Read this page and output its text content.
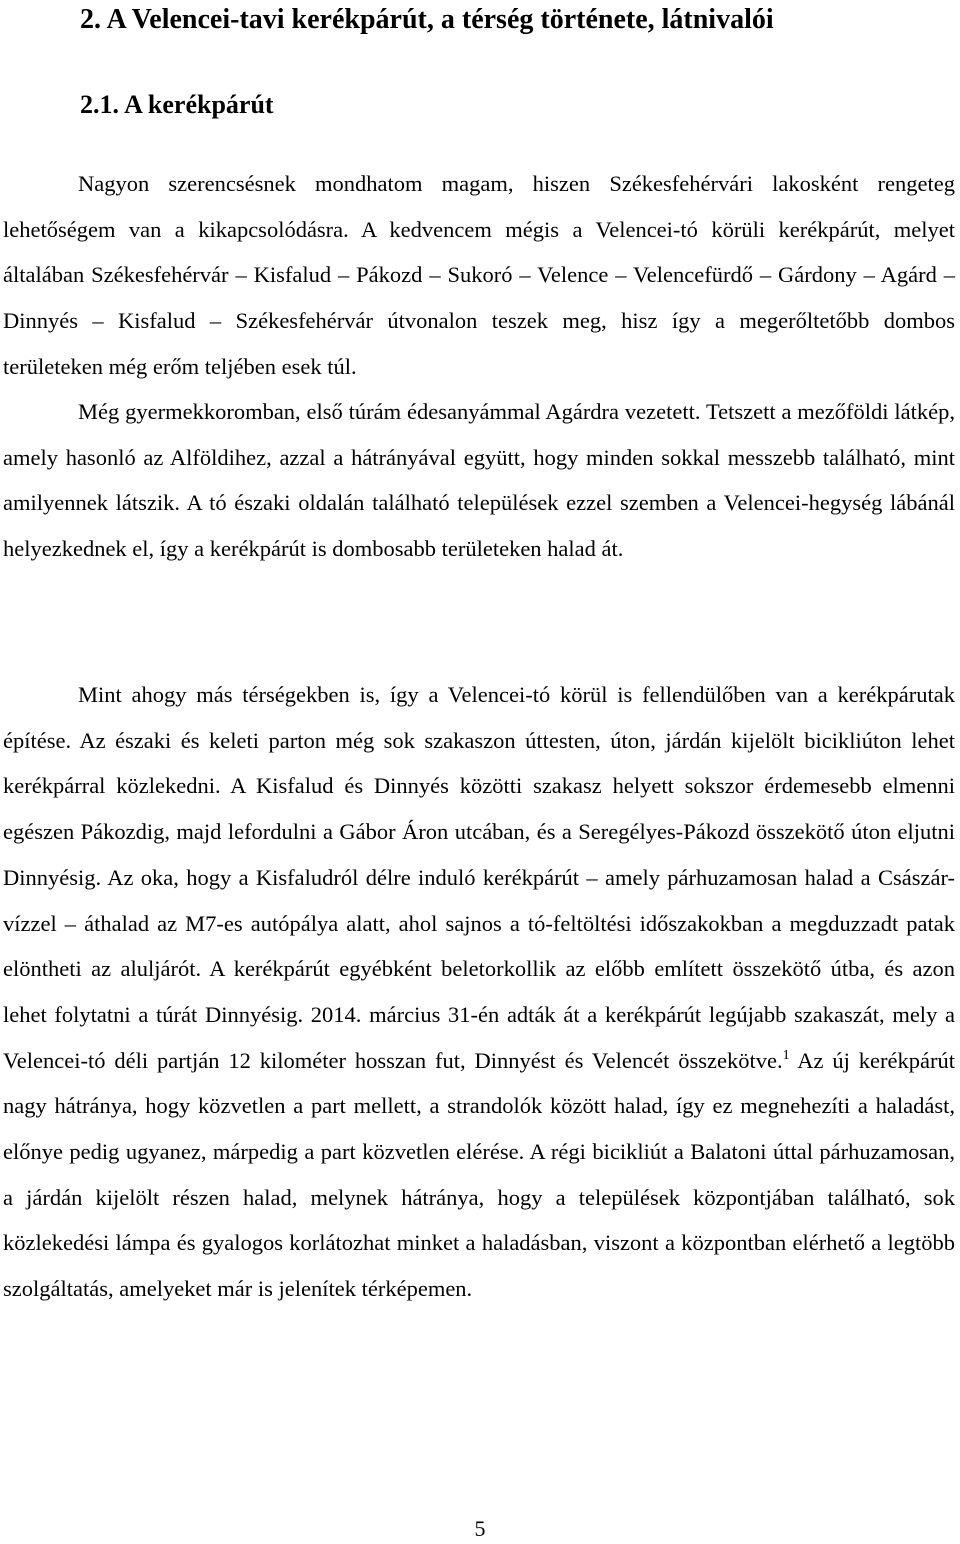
2. A Velencei-tavi kerékpárút, a térség története, látnivalói
2.1. A kerékpárút

Nagyon szerencsésnek mondhatom magam, hiszen Székesfehérvári lakosként rengeteg lehetőségem van a kikapcsolódásra. A kedvencem mégis a Velencei-tó körüli kerékpárút, melyet általában Székesfehérvár – Kisfalud – Pákozd – Sukoró – Velence – Velencefürdő – Gárdony – Agárd – Dinnyés – Kisfalud – Székesfehérvár útvonalon teszek meg, hisz így a megerőltetőbb dombos területeken még erőm teljében esek túl.

Még gyermekkoromban, első túrám édesanyámmal Agárdra vezetett. Tetszett a mezőföldi látkép, amely hasonló az Alföldihez, azzal a hátrányával együtt, hogy minden sokkal messzebb található, mint amilyennek látszik. A tó északi oldalán található települések ezzel szemben a Velencei-hegység lábánál helyezkednek el, így a kerékpárút is dombosabb területeken halad át.

Mint ahogy más térségekben is, így a Velencei-tó körül is fellendülőben van a kerékpárutak építése. Az északi és keleti parton még sok szakaszon úttesten, úton, járdán kijelölt bicikliúton lehet kerékpárral közlekedni. A Kisfalud és Dinnyés közötti szakasz helyett sokszor érdemesebb elmenni egészen Pákozdig, majd lefordulni a Gábor Áron utcában, és a Seregélyes-Pákozd összekötő úton eljutni Dinnyésig. Az oka, hogy a Kisfaludról délre induló kerékpárút – amely párhuzamosan halad a Császár-vízzel – áthalad az M7-es autópálya alatt, ahol sajnos a tó-feltöltési időszakokban a megduzzadt patak elöntheti az aluljárót. A kerékpárút egyébként beletorkollik az előbb említett összekötő útba, és azon lehet folytatni a túrát Dinnyésig. 2014. március 31-én adták át a kerékpárút legújabb szakaszát, mely a Velencei-tó déli partján 12 kilométer hosszan fut, Dinnyést és Velencét összekötve.$^1$ Az új kerékpárút nagy hátránya, hogy közvetlen a part mellett, a strandolók között halad, így ez megnehezíti a haladást, előnye pedig ugyanez, márpedig a part közvetlen elérése. A régi bicikliút a Balatoni úttal párhuzamosan, a járdán kijelölt részen halad, melynek hátránya, hogy a települések központjában található, sok közlekedési lámpa és gyalogos korlátozhat minket a haladásban, viszont a központban elérhető a legtöbb szolgáltatás, amelyeket már is jelenítek térképemen.

5
